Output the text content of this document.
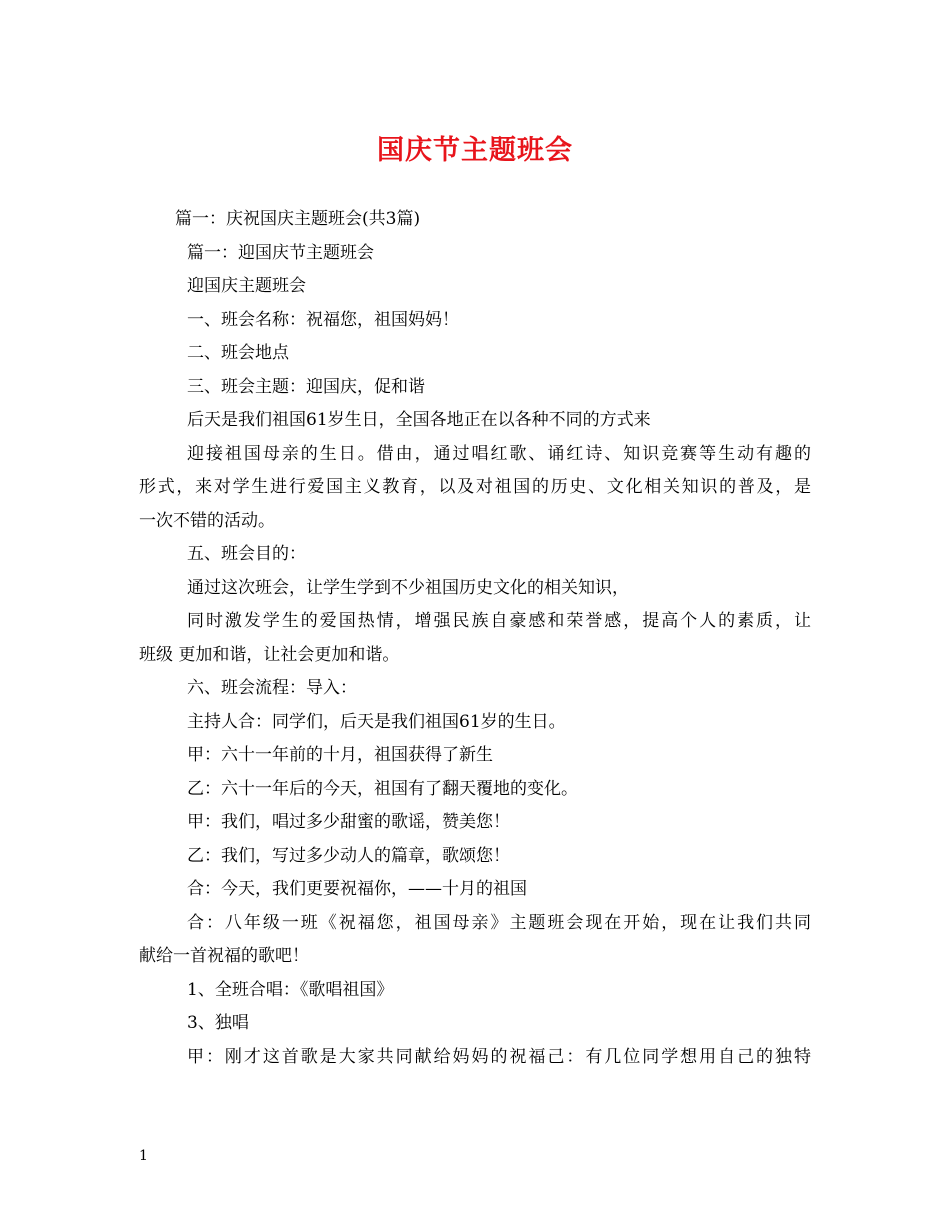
国庆节主题班会
篇一：庆祝国庆主题班会(共3篇)
篇一：迎国庆节主题班会
迎国庆主题班会
一、班会名称：祝福您，祖国妈妈！
二、班会地点
三、班会主题：迎国庆，促和谐
后天是我们祖国61岁生日，全国各地正在以各种不同的方式来
迎接祖国母亲的生日。借由，通过唱红歌、诵红诗、知识竞赛等生动有趣的
形式，来对学生进行爱国主义教育，以及对祖国的历史、文化相关知识的普及，是
一次不错的活动。
五、班会目的：
通过这次班会，让学生学到不少祖国历史文化的相关知识，
同时激发学生的爱国热情，增强民族自豪感和荣誉感，提高个人的素质，让
班级 更加和谐，让社会更加和谐。
六、班会流程：导入：
主持人合：同学们，后天是我们祖国61岁的生日。
甲：六十一年前的十月，祖国获得了新生
乙：六十一年后的今天，祖国有了翻天覆地的变化。
甲：我们，唱过多少甜蜜的歌谣，赞美您！
乙：我们，写过多少动人的篇章，歌颂您！
合：今天，我们更要祝福你，——十月的祖国
合：八年级一班《祝福您，祖国母亲》主题班会现在开始，现在让我们共同
献给一首祝福的歌吧！
1、全班合唱：《歌唱祖国》
3、独唱
甲：刚才这首歌是大家共同献给妈妈的祝福己：有几位同学想用自己的独特
1
